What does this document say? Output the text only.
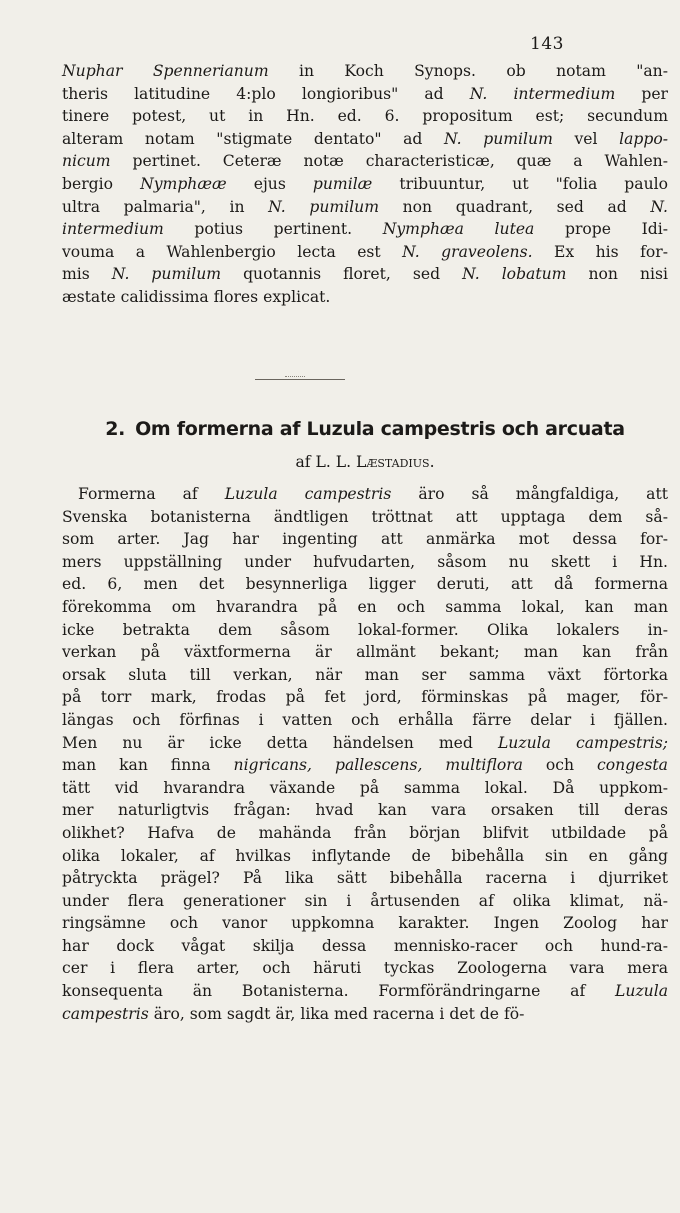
143

Nuphar Spennerianum in Koch Synops. ob notam "an-
theris latitudine 4:plo longioribus" ad N. intermedium per
tinere potest, ut in Hn. ed. 6. propositum est; secundum
alteram notam "stigmate dentato" ad N. pumilum vel lappo-
nicum pertinet. Ceteræ notæ characteristicæ, quæ a Wahlen-
bergio Nymphææ ejus pumilæ tribuuntur, ut "folia paulo
ultra palmaria", in N. pumilum non quadrant, sed ad N.
intermedium potius pertinent. Nymphæa lutea prope Idi-
vouma a Wahlenbergio lecta est N. graveolens. Ex his for-
mis N. pumilum quotannis floret, sed N. lobatum non nisi
æstate calidissima flores explicat.

2. Om formerna af Luzula campestris och arcuata

af L. L. Læstadius.

Formerna af Luzula campestris äro så mångfaldiga, att
Svenska botanisterna ändtligen tröttnat att upptaga dem så-
som arter. Jag har ingenting att anmärka mot dessa for-
mers uppställning under hufvudarten, såsom nu skett i Hn.
ed. 6, men det besynnerliga ligger deruti, att då formerna
förekomma om hvarandra på en och samma lokal, kan man
icke betrakta dem såsom lokal-former. Olika lokalers in-
verkan på växtformerna är allmänt bekant; man kan från
orsak sluta till verkan, när man ser samma växt förtorka
på torr mark, frodas på fet jord, förminskas på mager, för-
längas och förfinas i vatten och erhålla färre delar i fjällen.
Men nu är icke detta händelsen med Luzula campestris;
man kan finna nigricans, pallescens, multiflora och congesta
tätt vid hvarandra växande på samma lokal. Då uppkom-
mer naturligtvis frågan: hvad kan vara orsaken till deras
olikhet? Hafva de mahända från början blifvit utbildade på
olika lokaler, af hvilkas inflytande de bibehålla sin en gång
påtryckta prägel? På lika sätt bibehålla racerna i djurriket
under flera generationer sin i årtusenden af olika klimat, nä-
ringsämne och vanor uppkomna karakter. Ingen Zoolog har
har dock vågat skilja dessa mennisko-racer och hund-ra-
cer i flera arter, och häruti tyckas Zoologerna vara mera
konsequenta än Botanisterna. Formförändringarne af Luzula
campestris äro, som sagdt är, lika med racerna i det de fö-
